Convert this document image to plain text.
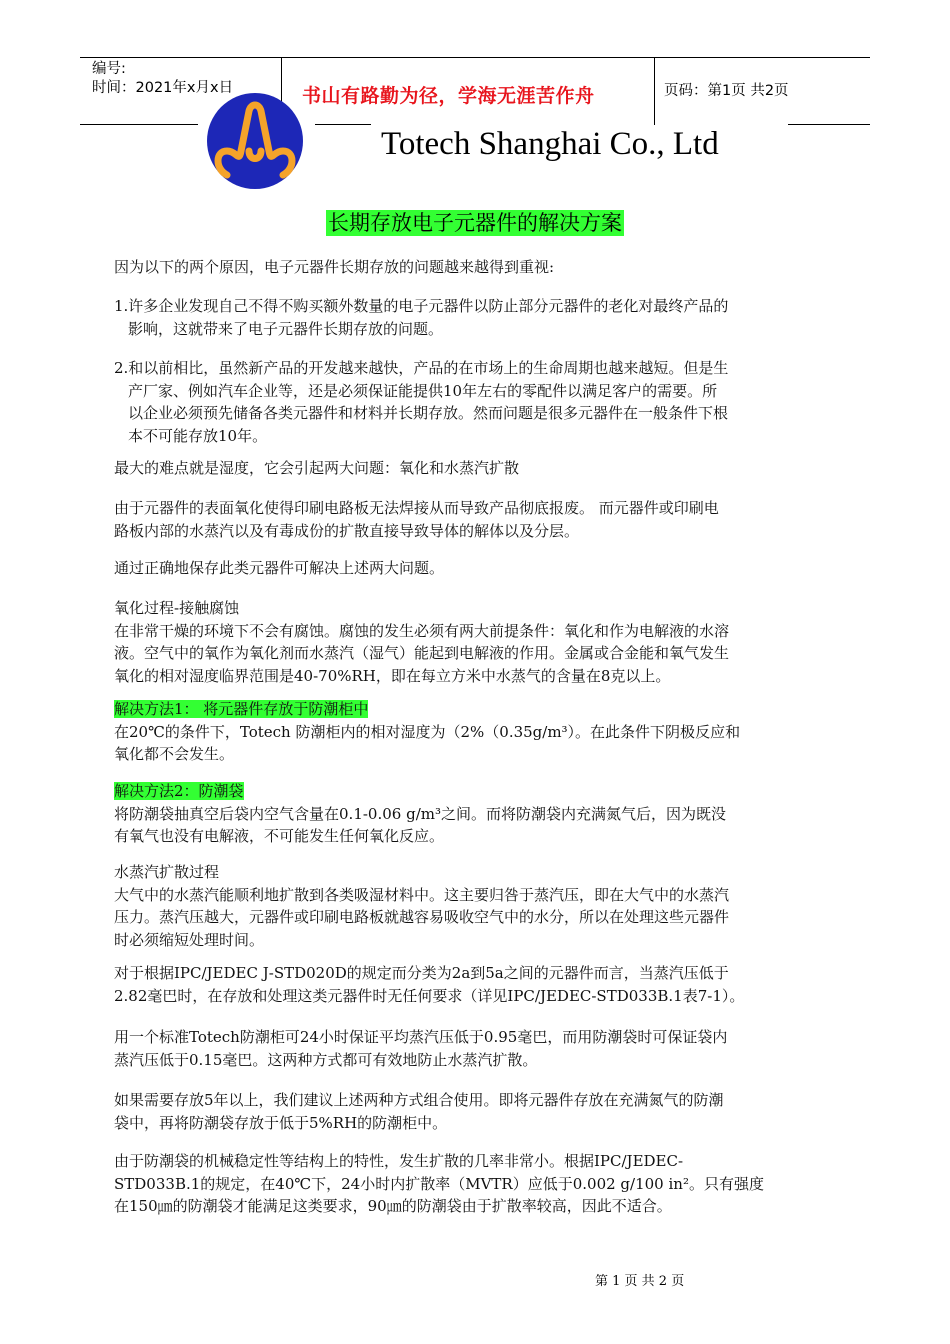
编号:
时间：2021年x月x日	书山有路勤为径，学海无涯苦作舟	页码：第1页 共2页
Totech Shanghai Co., Ltd
长期存放电子元器件的解决方案
因为以下的两个原因，电子元器件长期存放的问题越来越得到重视:
1.许多企业发现自己不得不购买额外数量的电子元器件以防止部分元器件的老化对最终产品的
影响，这就带来了电子元器件长期存放的问题。
2.和以前相比，虽然新产品的开发越来越快，产品的在市场上的生命周期也越来越短。但是生
产厂家、例如汽车企业等，还是必须保证能提供10年左右的零配件以满足客户的需要。所
以企业必须预先储备各类元器件和材料并长期存放。然而问题是很多元器件在一般条件下根
本不可能存放10年。
最大的难点就是湿度，它会引起两大问题：氧化和水蒸汽扩散
由于元器件的表面氧化使得印刷电路板无法焊接从而导致产品彻底报废。 而元器件或印刷电
路板内部的水蒸汽以及有毒成份的扩散直接导致导体的解体以及分层。
通过正确地保存此类元器件可解决上述两大问题。
氧化过程-接触腐蚀
在非常干燥的环境下不会有腐蚀。腐蚀的发生必须有两大前提条件：氧化和作为电解液的水溶
液。空气中的氧作为氧化剂而水蒸汽（湿气）能起到电解液的作用。金属或合金能和氧气发生
氧化的相对湿度临界范围是40-70%RH，即在每立方米中水蒸气的含量在8克以上。
解决方法1： 将元器件存放于防潮柜中
在20℃的条件下，Totech 防潮柜内的相对湿度为（2%（0.35g/m³）。在此条件下阴极反应和
氧化都不会发生。
解决方法2：防潮袋
将防潮袋抽真空后袋内空气含量在0.1-0.06 g/m³之间。而将防潮袋内充满氮气后，因为既没
有氧气也没有电解液，不可能发生任何氧化反应。
水蒸汽扩散过程
大气中的水蒸汽能顺利地扩散到各类吸湿材料中。这主要归咎于蒸汽压，即在大气中的水蒸汽
压力。蒸汽压越大，元器件或印刷电路板就越容易吸收空气中的水分，所以在处理这些元器件
时必须缩短处理时间。
对于根据IPC/JEDEC J-STD020D的规定而分类为2a到5a之间的元器件而言，当蒸汽压低于
2.82毫巴时，在存放和处理这类元器件时无任何要求（详见IPC/JEDEC-STD033B.1表7-1）。
用一个标准Totech防潮柜可24小时保证平均蒸汽压低于0.95毫巴，而用防潮袋时可保证袋内
蒸汽压低于0.15毫巴。这两种方式都可有效地防止水蒸汽扩散。
如果需要存放5年以上，我们建议上述两种方式组合使用。即将元器件存放在充满氮气的防潮
袋中，再将防潮袋存放于低于5%RH的防潮柜中。
由于防潮袋的机械稳定性等结构上的特性，发生扩散的几率非常小。根据IPC/JEDEC-
STD033B.1的规定，在40℃下，24小时内扩散率（MVTR）应低于0.002 g/100 in²。只有强度
在150㎛的防潮袋才能满足这类要求，90㎛的防潮袋由于扩散率较高，因此不适合。
第 1 页 共 2 页
